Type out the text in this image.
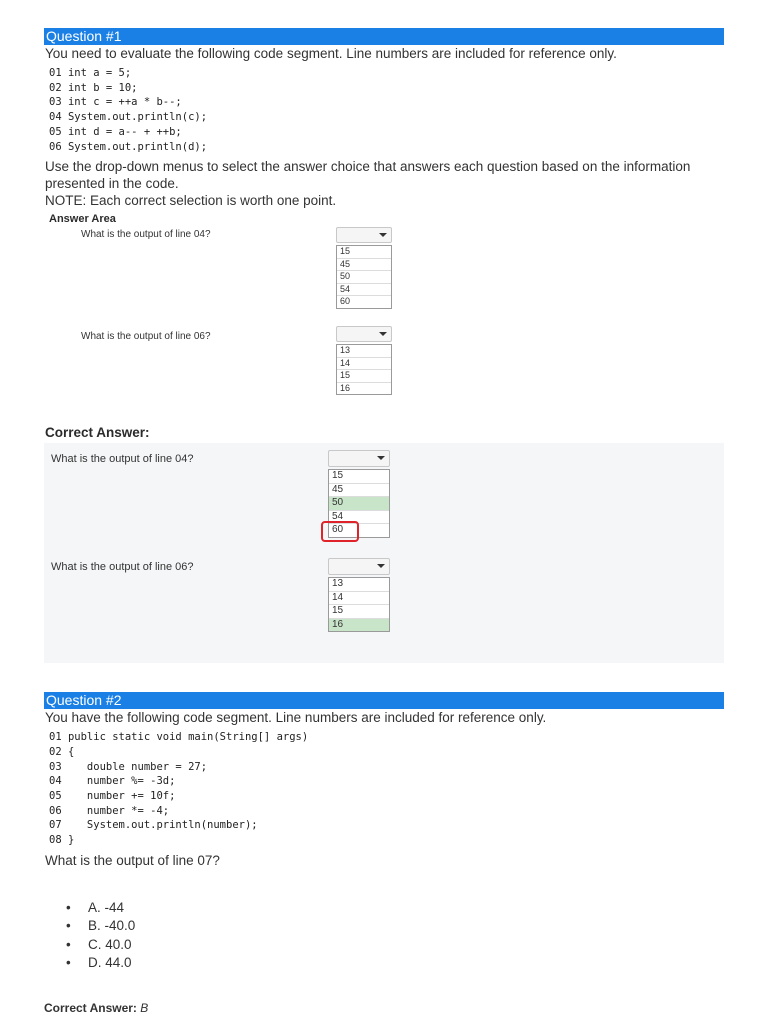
Question #1

You need to evaluate the following code segment. Line numbers are included for reference only.

01 int a = 5;
02 int b = 10;
03 int c = ++a * b--;
04 System.out.println(c);
05 int d = a-- + ++b;
06 System.out.println(d);

Use the drop-down menus to select the answer choice that answers each question based on the information presented in the code.

NOTE: Each correct selection is worth one point.

Answer Area
What is the output of line 04?
15
45
50
54
60
What is the output of line 06?
13
14
15
16
Correct Answer:
What is the output of line 04?
15
45
50
54
60
What is the output of line 06?
13
14
15
16
Question #2

You have the following code segment. Line numbers are included for reference only.

01 public static void main(String[] args)
02 {
03    double number = 27;
04    number %= -3d;
05    number += 10f;
06    number *= -4;
07    System.out.println(number);
08 }

What is the output of line 07?

• A. -44
• B. -40.0
• C. 40.0
• D. 44.0
Correct Answer: B
